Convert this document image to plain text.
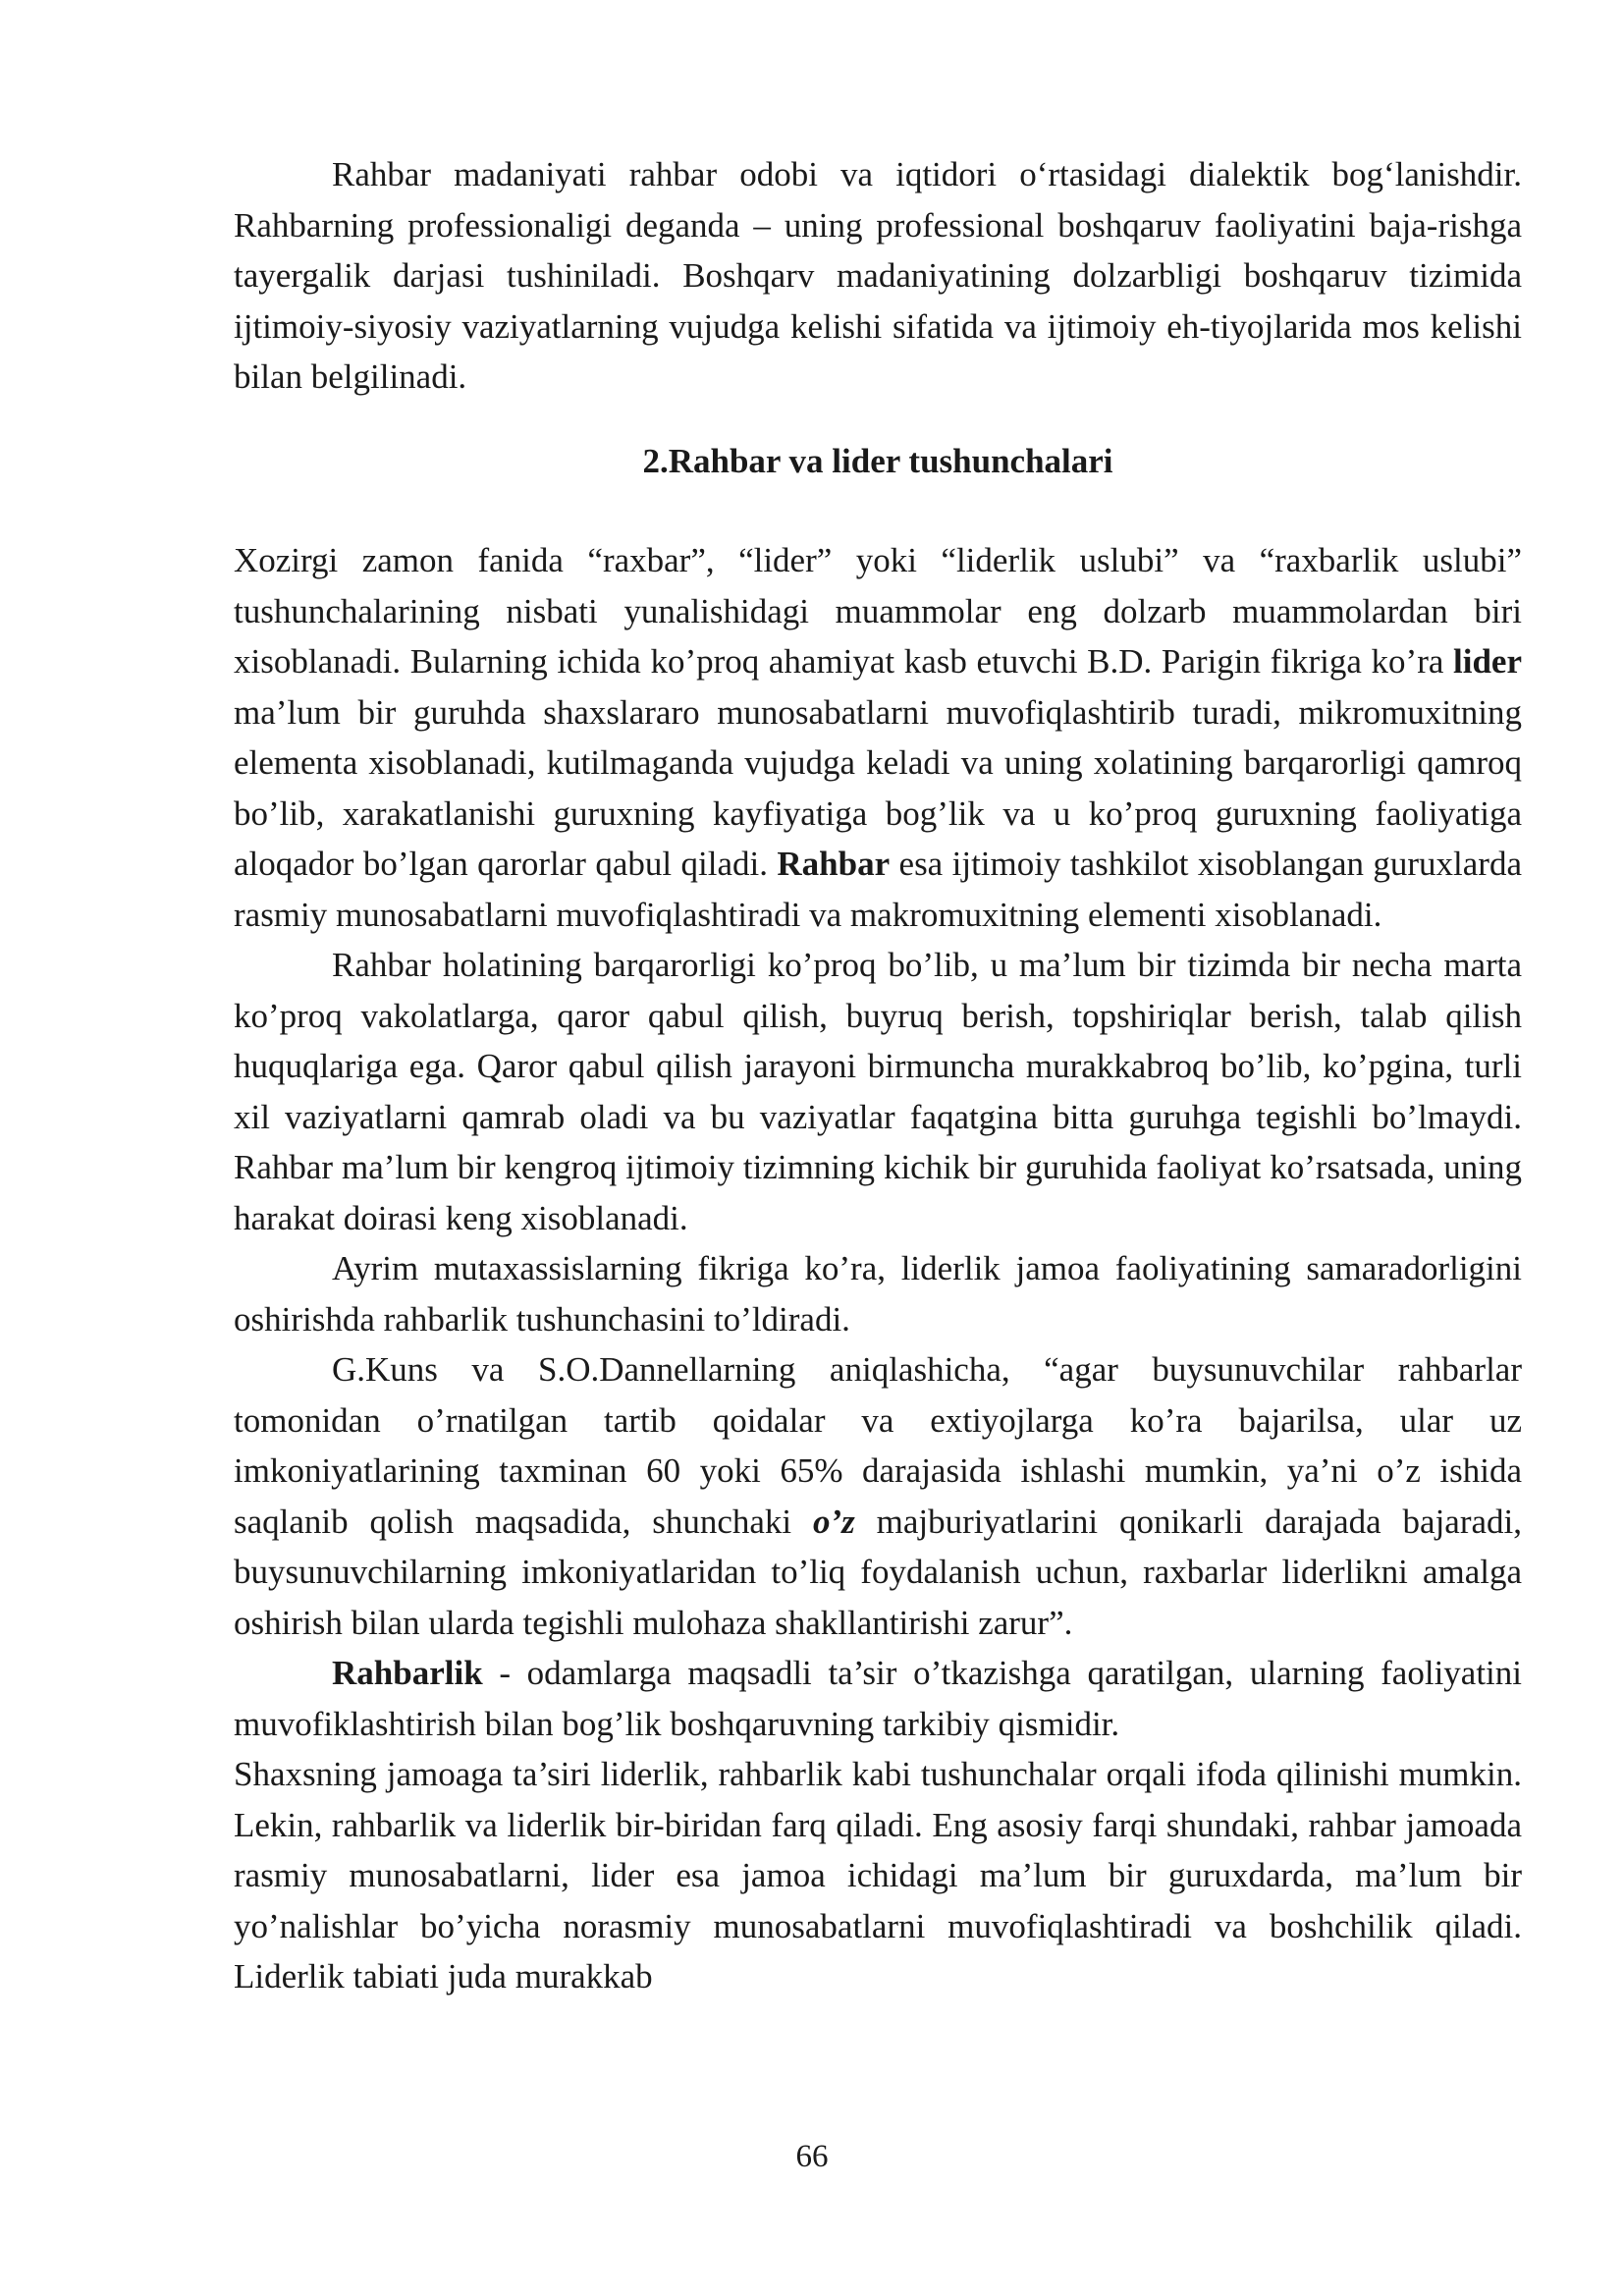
Rahbar madaniyati rahbar odobi va iqtidori o‘rtasidagi dialektik bog‘lanishdir. Rahbarning professionaligi deganda – uning professional boshqaruv faoliyatini baja-rishga tayergalik darjasi tushiniladi. Boshqarv madaniyatining dolzarbligi boshqaruv tizimida ijtimoiy-siyosiy vaziyatlarning vujudga kelishi sifatida va ijtimoiy eh-tiyojlarida mos kelishi bilan belgilinadi.

2.Rahbar va lider tushunchalari

Xozirgi zamon fanida “raxbar”, “lider” yoki “liderlik uslubi” va “raxbarlik uslubi” tushunchalarining nisbati yunalishidagi muammolar eng dolzarb muammolardan biri xisoblanadi. Bularning ichida ko’proq ahamiyat kasb etuvchi B.D. Parigin fikriga ko’ra lider ma’lum bir guruhda shaxslararo munosabatlarni muvofiqlashtirib turadi, mikromuxitning elementa xisoblanadi, kutilmaganda vujudga keladi va uning xolatining barqarorligi qamroq bo’lib, xarakatlanishi guruxning kayfiyatiga bog’lik va u ko’proq guruxning faoliyatiga aloqador bo’lgan qarorlar qabul qiladi. Rahbar esa ijtimoiy tashkilot xisoblangan guruxlarda rasmiy munosabatlarni muvofiqlashtiradi va makromuxitning elementi xisoblanadi.

Rahbar holatining barqarorligi ko’proq bo’lib, u ma’lum bir tizimda bir necha marta ko’proq vakolatlarga, qaror qabul qilish, buyruq berish, topshiriqlar berish, talab qilish huquqlariga ega. Qaror qabul qilish jarayoni birmuncha murakkabroq bo’lib, ko’pgina, turli xil vaziyatlarni qamrab oladi va bu vaziyatlar faqatgina bitta guruhga tegishli bo’lmaydi. Rahbar ma’lum bir kengroq ijtimoiy tizimning kichik bir guruhida faoliyat ko’rsatsada, uning harakat doirasi keng xisoblanadi.

Ayrim mutaxassislarning fikriga ko’ra, liderlik jamoa faoliyatining samaradorligini oshirishda rahbarlik tushunchasini to’ldiradi.

G.Kuns va S.O.Dannellarning aniqlashicha, “agar buysunuvchilar rahbarlar tomonidan o’rnatilgan tartib qoidalar va extiyojlarga ko’ra bajarilsa, ular uz imkoniyatlarining taxminan 60 yoki 65% darajasida ishlashi mumkin, ya’ni o’z ishida saqlanib qolish maqsadida, shunchaki o’z majburiyatlarini qonikarli darajada bajaradi, buysunuvchilarning imkoniyatlaridan to’liq foydalanish uchun, raxbarlar liderlikni amalga oshirish bilan ularda tegishli mulohaza shakllantirishi zarur”.

Rahbarlik - odamlarga maqsadli ta’sir o’tkazishga qaratilgan, ularning faoliyatini muvofiklashtirish bilan bog’lik boshqaruvning tarkibiy qismidir.

Shaxsning jamoaga ta’siri liderlik, rahbarlik kabi tushunchalar orqali ifoda qilinishi mumkin. Lekin, rahbarlik va liderlik bir-biridan farq qiladi. Eng asosiy farqi shundaki, rahbar jamoada rasmiy munosabatlarni, lider esa jamoa ichidagi ma’lum bir guruxdarda, ma’lum bir yo’nalishlar bo’yicha norasmiy munosabatlarni muvofiqlashtiradi va boshchilik qiladi. Liderlik tabiati juda murakkab

66
